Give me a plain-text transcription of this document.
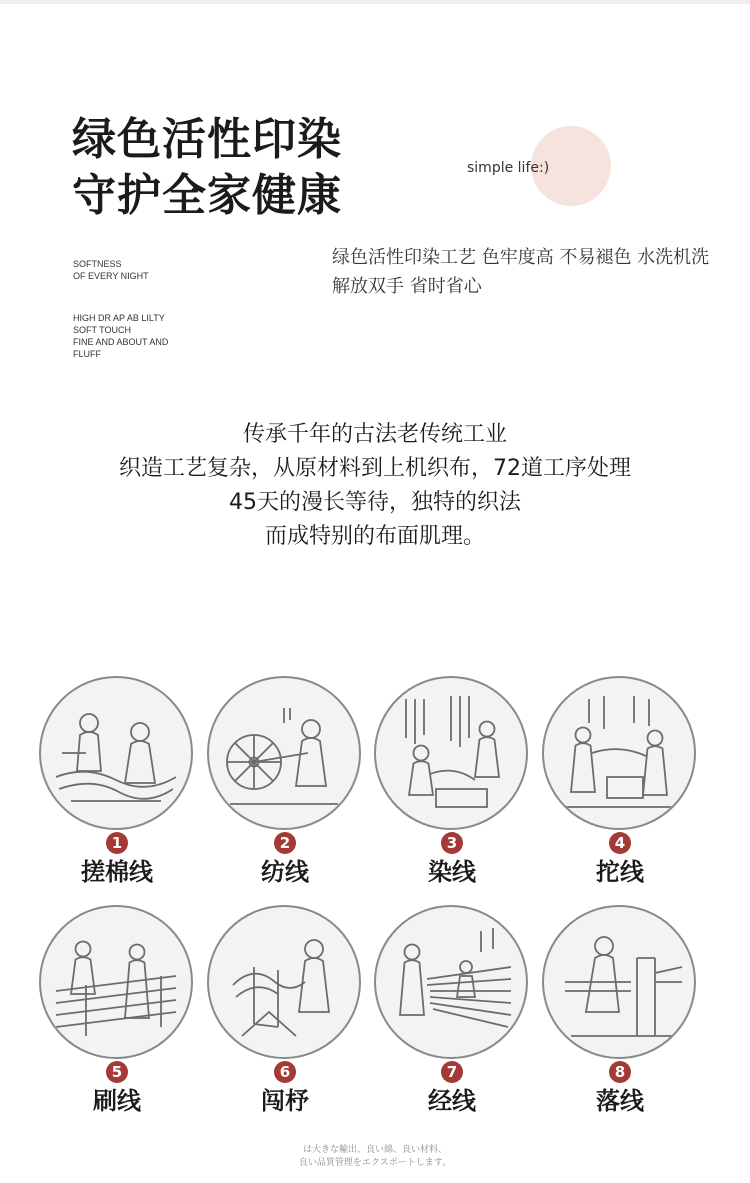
绿色活性印染
守护全家健康
simple life:)
SOFTNESS
OF EVERY NIGHT
HIGH DR AP AB LILTY
SOFT TOUCH
FINE AND ABOUT AND
FLUFF
绿色活性印染工艺 色牢度高 不易褪色 水洗机洗 解放双手 省时省心
传承千年的古法老传统工业
织造工艺复杂，从原材料到上机织布，72道工序处理
45天的漫长等待，独特的织法
而成特别的布面肌理。
1
搓棉线
2
纺线
3
染线
4
拕线
5
刷线
6
闯杼
7
经线
8
落线
は大きな輸出、良い綿、良い材料、
良い品質管理をエクスポートします。
